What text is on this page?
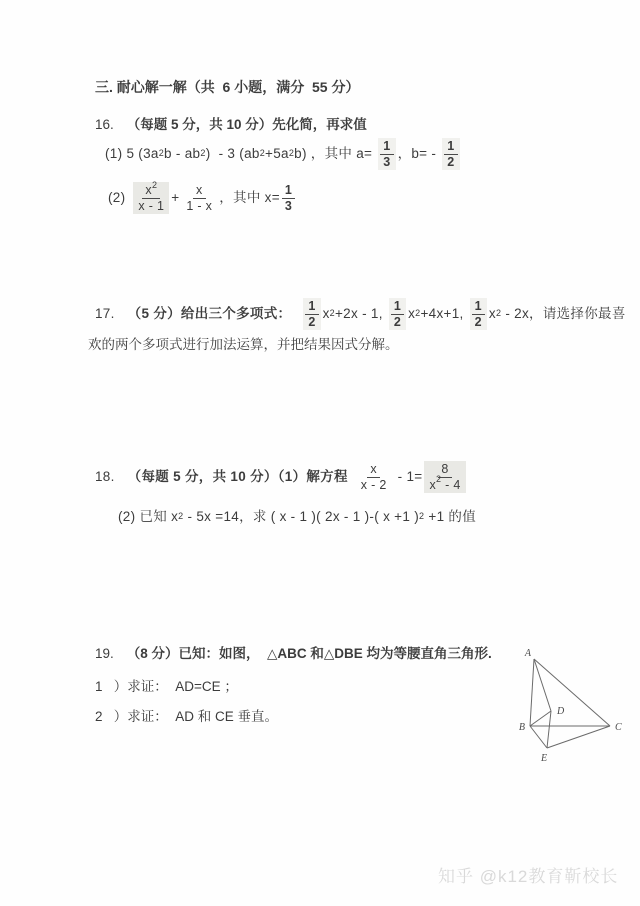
三. 耐心解一解（共  6 小题，满分  55 分）
16. （每题 5 分，共 10 分）先化简，再求值
(1) 5 ($3a^2$ b - $ab^2$ )  - 3 ($ab^2 +5a^2$ b) ，其中 $a= \frac{1}{3}$ ，$b= - \frac{1}{2}$
$(2) \frac{x^2}{x - 1} + \frac{x}{1 - x}$ ，其中 $x= \frac{1}{3}$
17. （5 分）给出三个多项式： $\frac{1}{2} x^2 +2x - 1$, $\frac{1}{2} x^2 +4x+1$, $\frac{1}{2} x^2 - 2x$，请选择你最喜
欢的两个多项式进行加法运算，并把结果因式分解。
18. （每题 5 分，共 10 分）（1）解方程 $\frac{x}{x - 2} - 1= \frac{8}{x^2 - 4}$
(2) 已知 $x^2 - 5x =14$，求 ( x - 1 )( 2x - 1 )-( x +1 )$^2$ +1 的值
19. （8 分）已知：如图，  △ABC 和△DBE 均为等腰直角三角形.
1 ）求证：  AD=CE ；
2 ）求证：  AD 和 CE 垂直。
A
B	C
D
E
知乎 @k12教育靳校长
